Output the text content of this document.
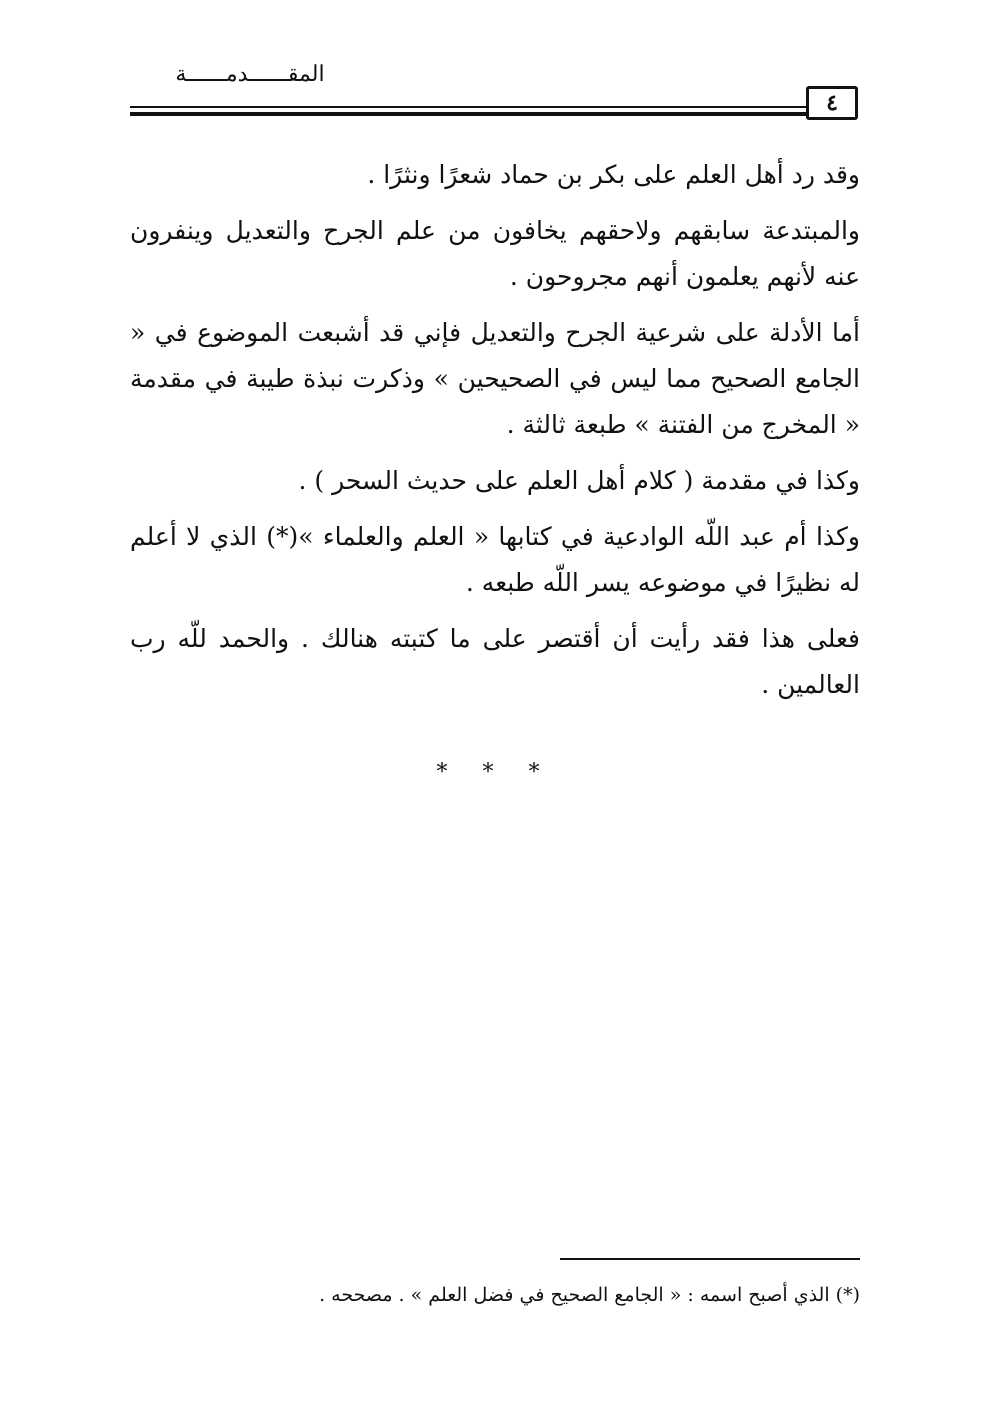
المقــــــدمــــــة
٤

وقد رد أهل العلم على بكر بن حماد شعرًا ونثرًا .

والمبتدعة سابقهم ولاحقهم يخافون من علم الجرح والتعديل وينفرون عنه لأنهم يعلمون أنهم مجروحون .

أما الأدلة على شرعية الجرح والتعديل فإني قد أشبعت الموضوع في « الجامع الصحيح مما ليس في الصحيحين » وذكرت نبذة طيبة في مقدمة « المخرج من الفتنة » طبعة ثالثة .

وكذا في مقدمة ( كلام أهل العلم على حديث السحر ) .

وكذا أم عبد اللّه الوادعية في كتابها « العلم والعلماء »(*) الذي لا أعلم له نظيرًا في موضوعه يسر اللّه طبعه .

فعلى هذا فقد رأيت أن أقتصر على ما كتبته هنالك . والحمد للّه رب العالمين .

* * *
(*) الذي أصبح اسمه : « الجامع الصحيح في فضل العلم » . مصححه .
